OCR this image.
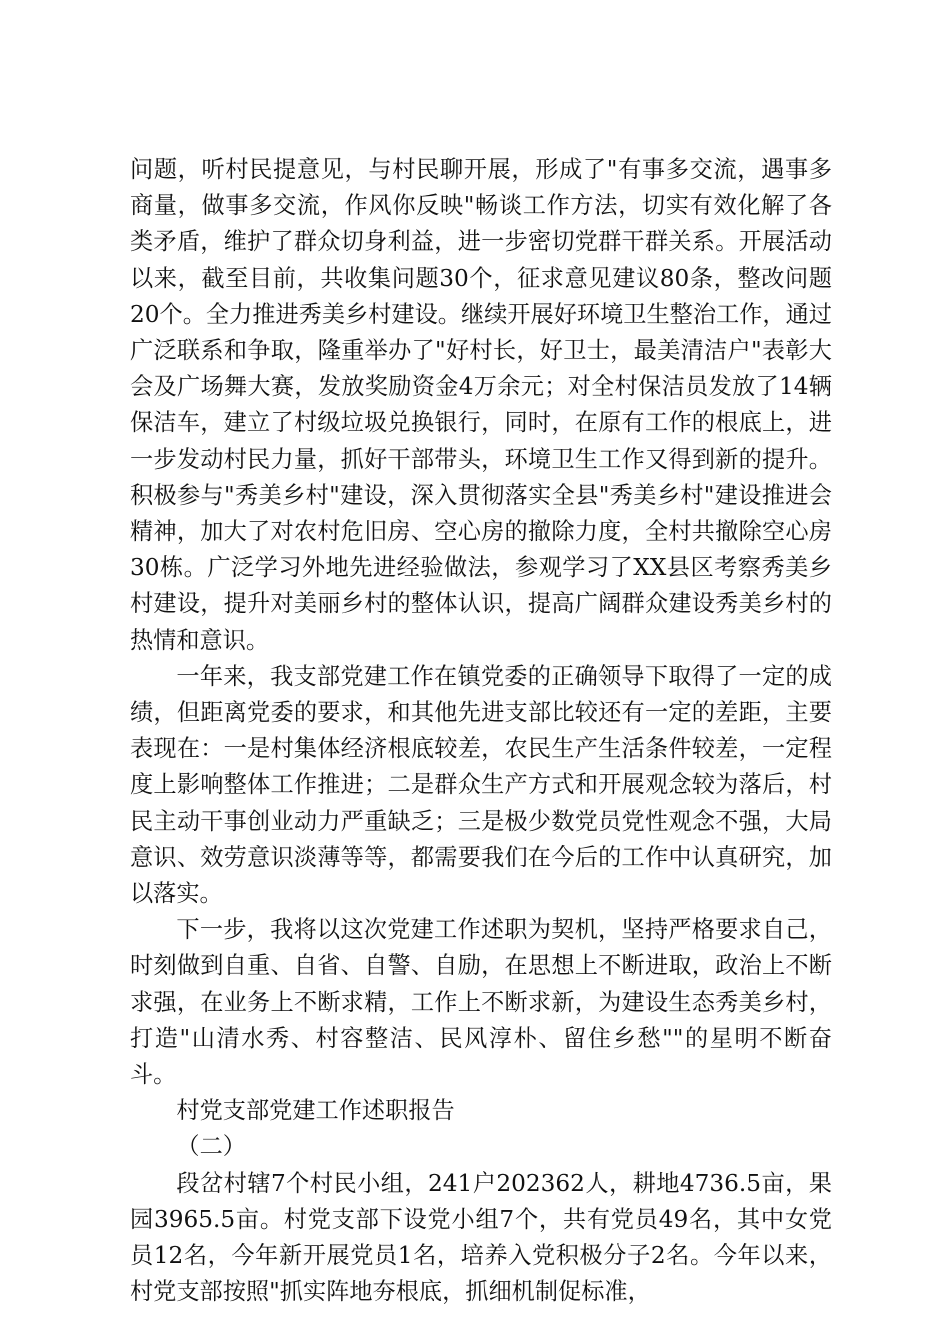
问题，听村民提意见，与村民聊开展，形成了"有事多交流，遇事多商量，做事多交流，作风你反映"畅谈工作方法，切实有效化解了各类矛盾，维护了群众切身利益，进一步密切党群干群关系。开展活动以来，截至目前，共收集问题30个，征求意见建议80条，整改问题20个。全力推进秀美乡村建设。继续开展好环境卫生整治工作，通过广泛联系和争取，隆重举办了"好村长，好卫士，最美清洁户"表彰大会及广场舞大赛，发放奖励资金4万余元；对全村保洁员发放了14辆保洁车，建立了村级垃圾兑换银行，同时，在原有工作的根底上，进一步发动村民力量，抓好干部带头，环境卫生工作又得到新的提升。积极参与"秀美乡村"建设，深入贯彻落实全县"秀美乡村"建设推进会精神，加大了对农村危旧房、空心房的撤除力度，全村共撤除空心房30栋。广泛学习外地先进经验做法，参观学习了XX县区考察秀美乡村建设，提升对美丽乡村的整体认识，提高广阔群众建设秀美乡村的热情和意识。

一年来，我支部党建工作在镇党委的正确领导下取得了一定的成绩，但距离党委的要求，和其他先进支部比较还有一定的差距，主要表现在：一是村集体经济根底较差，农民生产生活条件较差，一定程度上影响整体工作推进；二是群众生产方式和开展观念较为落后，村民主动干事创业动力严重缺乏；三是极少数党员党性观念不强，大局意识、效劳意识淡薄等等，都需要我们在今后的工作中认真研究，加以落实。

下一步，我将以这次党建工作述职为契机，坚持严格要求自己，时刻做到自重、自省、自警、自励，在思想上不断进取，政治上不断求强，在业务上不断求精，工作上不断求新，为建设生态秀美乡村，打造"山清水秀、村容整洁、民风淳朴、留住乡愁""的星明不断奋斗。

村党支部党建工作述职报告

（二）

段岔村辖7个村民小组，241户202362人，耕地4736.5亩，果园3965.5亩。村党支部下设党小组7个，共有党员49名，其中女党员12名，今年新开展党员1名，培养入党积极分子2名。今年以来，村党支部按照"抓实阵地夯根底，抓细机制促标准，
